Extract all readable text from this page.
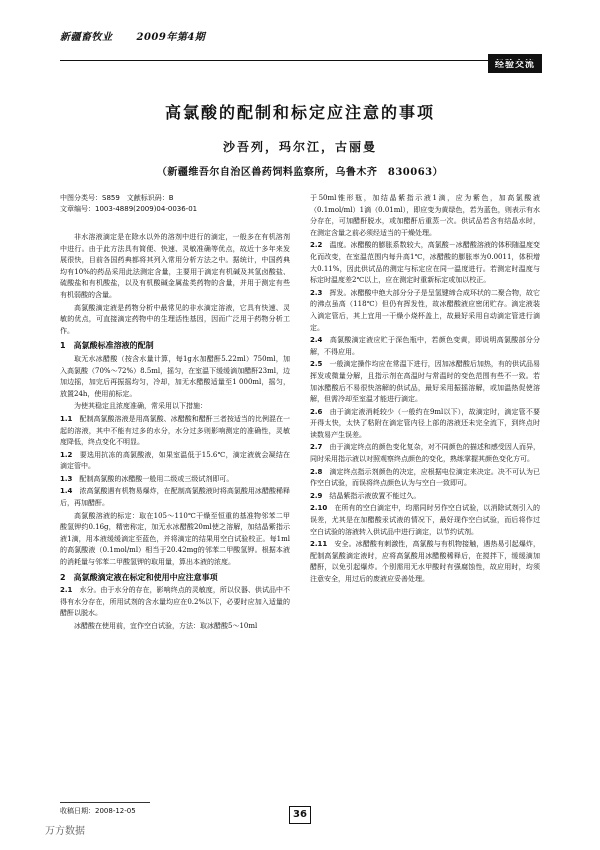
新疆畜牧业 2009年第4期
经验交流
高氯酸的配制和标定应注意的事项
沙吾列，玛尔江，古丽曼
（新疆维吾尔自治区兽药饲料监察所，乌鲁木齐　830063）
中图分类号：S859　文献标识码：B
文章编号：1003-4889(2009)04-0036-01

非水溶液滴定是在除水以外的溶剂中进行的滴定，一般多在有机溶剂中进行。由于此方法具有简便、快速、灵敏准确等优点，故近十多年来发展很快，目前各国药典都将其列入常用分析方法之中。据统计，中国药典均有10%的药品采用此法测定含量，主要用于滴定有机碱及其氢卤酸盐、硫酸盐和有机酸盐，以及有机酸碱金属盐类药物的含量，并用于测定有些有机弱酸的含量。

高氯酸滴定液是药物分析中最常见的非水滴定溶液，它具有快速、灵敏的优点，可直接滴定药物中的生理活性基因，因而广泛用于药物分析工作。

1　高氯酸标准溶液的配制

取无水冰醋酸（按含水量计算，每1g水加醋酐5.22ml）750ml，加入高氯酸（70%～72%）8.5ml，摇匀，在室温下缓缓滴加醋酐23ml，边加边摇，加完后再振摇均匀，冷却，加无水醋酸适量至1 000ml，摇匀，放置24h，使用前标定。

为使其稳定且浓度准确，常采用以下措施：

1.1　 配制高氯酸溶液是用高氯酸、冰醋酸和醋酐三者按适当的比例混在一起的溶液，其中不能有过多的水分，水分过多则影响测定的准确性，灵敏度降低，终点变化不明显。

1.2　 要选用抗冻的高氯酸液，如果室温低于15.6℃，滴定液就会凝结在滴定管中。

1.3　 配制高氯酸的冰醋酸一般用二级或三级试剂即可。

1.4　 浓高氯酸遇有机物易爆炸，在配制高氯酸液时将高氯酸用冰醋酸稀释后，再加醋酐。

高氯酸溶液的标定：取在105～110℃干燥至恒重的基准物邻苯二甲酸氢钾约0.16g，精密称定，加无水冰醋酸20ml使之溶解，加结晶紫指示液1滴，用本液缓缓滴定至蓝色，并将滴定的结果用空白试验校正。每1ml的高氯酸液（0.1mol/ml）相当于20.42mg的邻苯二甲酸氢钾。根据本液的消耗量与邻苯二甲酸氢钾的取用量，算出本液的浓度。

2　高氯酸滴定液在标定和使用中应注意事项

2.1　 水分。由于水分的存在，影响终点的灵敏度，所以仪器、供试品中不得有水分存在，所用试剂的含水量均应在0.2%以下，必要时应加入适量的醋酐以脱水。

冰醋酸在使用前，宜作空白试验，方法：取冰醋酸5～10ml

于50ml锥形瓶，加结晶紫指示液1滴，应为紫色，加高氯酸液（0.1mol/ml）1滴（0.01ml），即应变为黄绿色，若为蓝色，则表示有水分存在，可加醋酐脱水，或加醋酐后重蒸一次。供试品若含有结晶水时，在测定含量之前必须经适当的干燥处理。

2.2　 温度。冰醋酸的膨胀系数较大，高氯酸－冰醋酸溶液的体积随温度变化而改变，在室温范围内每升高1℃，冰醋酸的膨胀率为0.0011，体积增大0.11%，因此供试品的测定与标定应在同一温度进行。若测定时温度与标定时温度差2℃以上，应在测定时重新标定或加以校正。

2.3　 挥发。冰醋酸中绝大部分分子是呈氢键缔合成环状的二聚合物，故它的沸点虽高（118℃）但仍有挥发性，故冰醋酸液应密闭贮存。滴定液装入滴定管后，其上宜用一干燥小烧杯盖上，故最好采用自动滴定管进行滴定。

2.4　 高氯酸滴定液应贮于深色瓶中，若颜色变黄，即说明高氯酸部分分解，不得应用。

2.5　 一般滴定操作均应在常温下进行，因加冰醋酸后加热，有的供试品易挥发或微量分解，且指示剂在高温时与常温时的变色范围有些不一致。若加冰醋酸后不易很快溶解的供试品，最好采用振摇溶解，或加温热促使溶解，但需冷却至室温才能进行滴定。

2.6　 由于滴定液消耗较少（一般约在9ml以下），故滴定时，滴定管不要开得太快，太快了粘附在滴定管内径上部的溶液还未完全流下，到终点时读数易产生误差。

2.7　 由于滴定终点的颜色变化复杂，对不同颜色的描述和感受因人而异，同时采用指示液以对照观察终点颜色的变化，熟练掌握其颜色变化方可。

2.8　 滴定终点指示剂颜色的决定，应根据电位滴定来决定。决不可认为已作空白试验，而误将终点颜色认为与空白一致即可。

2.9　 结晶紫指示液放置不能过久。

2.10　 在所有的空白滴定中，均需同时另作空白试验，以消除试剂引入的误差，尤其是在加醋酸汞试液的情况下，最好现作空白试验，而后将作过空白试验的溶液转入供试品中进行滴定，以节约试剂。

2.11　 安全。冰醋酸有刺激性，高氯酸与有机物接触，遇热易引起爆炸，配制高氯酸滴定液时，应将高氯酸用冰醋酸稀释后，在搅拌下，缓缓滴加醋酐，以免引起爆炸。个别需用无水甲酸时有强腐蚀性，故应用时，均须注意安全，用过后的废液应妥善处理。

收稿日期：2008-12-05	36
万方数据
